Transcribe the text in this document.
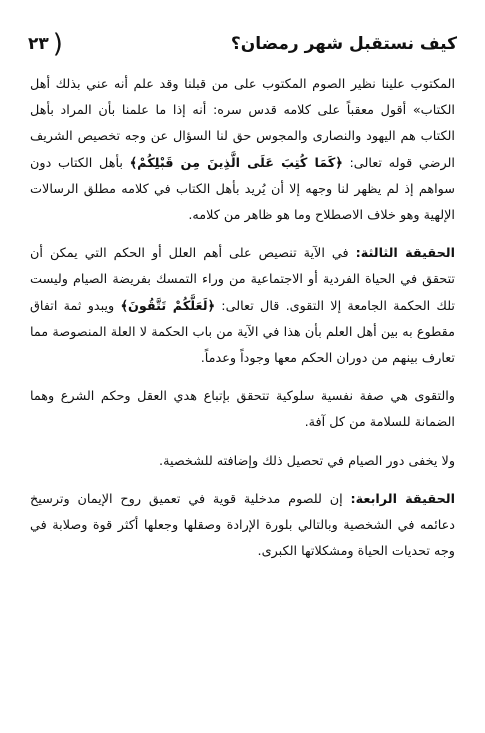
كيف نستقبل شهر رمضان؟
٢٣ )

المكتوب علينا نظير الصوم المكتوب على من قبلنا وقد علم أنه عني بذلك أهل الكتاب» أقول معقباً على كلامه قدس سره: أنه إذا ما علمنا بأن المراد بأهل الكتاب هم اليهود والنصارى والمجوس حق لنا السؤال عن وجه تخصيص الشريف الرضي قوله تعالى: ﴿كَمَا كُتِبَ عَلَى الَّذِينَ مِن قَبْلِكُمْ﴾ بأهل الكتاب دون سواهم إذ لم يظهر لنا وجهه إلا أن يُريد بأهل الكتاب في كلامه مطلق الرسالات الإلهية وهو خلاف الاصطلاح وما هو ظاهر من كلامه.

الحقيقة الثالثة: في الآية تنصيص على أهم العلل أو الحكم التي يمكن أن تتحقق في الحياة الفردية أو الاجتماعية من وراء التمسك بفريضة الصيام وليست تلك الحكمة الجامعة إلا التقوى. قال تعالى: ﴿لَعَلَّكُمْ تَتَّقُونَ﴾ ويبدو ثمة اتفاق مقطوع به بين أهل العلم بأن هذا في الآية من باب الحكمة لا العلة المنصوصة مما تعارف بينهم من دوران الحكم معها وجوداً وعدماً.

والتقوى هي صفة نفسية سلوكية تتحقق بإتباع هدي العقل وحكم الشرع وهما الضمانة للسلامة من كل آفة.

ولا يخفى دور الصيام في تحصيل ذلك وإضافته للشخصية.

الحقيقة الرابعة: إن للصوم مدخلية قوية في تعميق روح الإيمان وترسيخ دعائمه في الشخصية وبالتالي بلورة الإرادة وصقلها وجعلها أكثر قوة وصلابة في وجه تحديات الحياة ومشكلاتها الكبرى.
